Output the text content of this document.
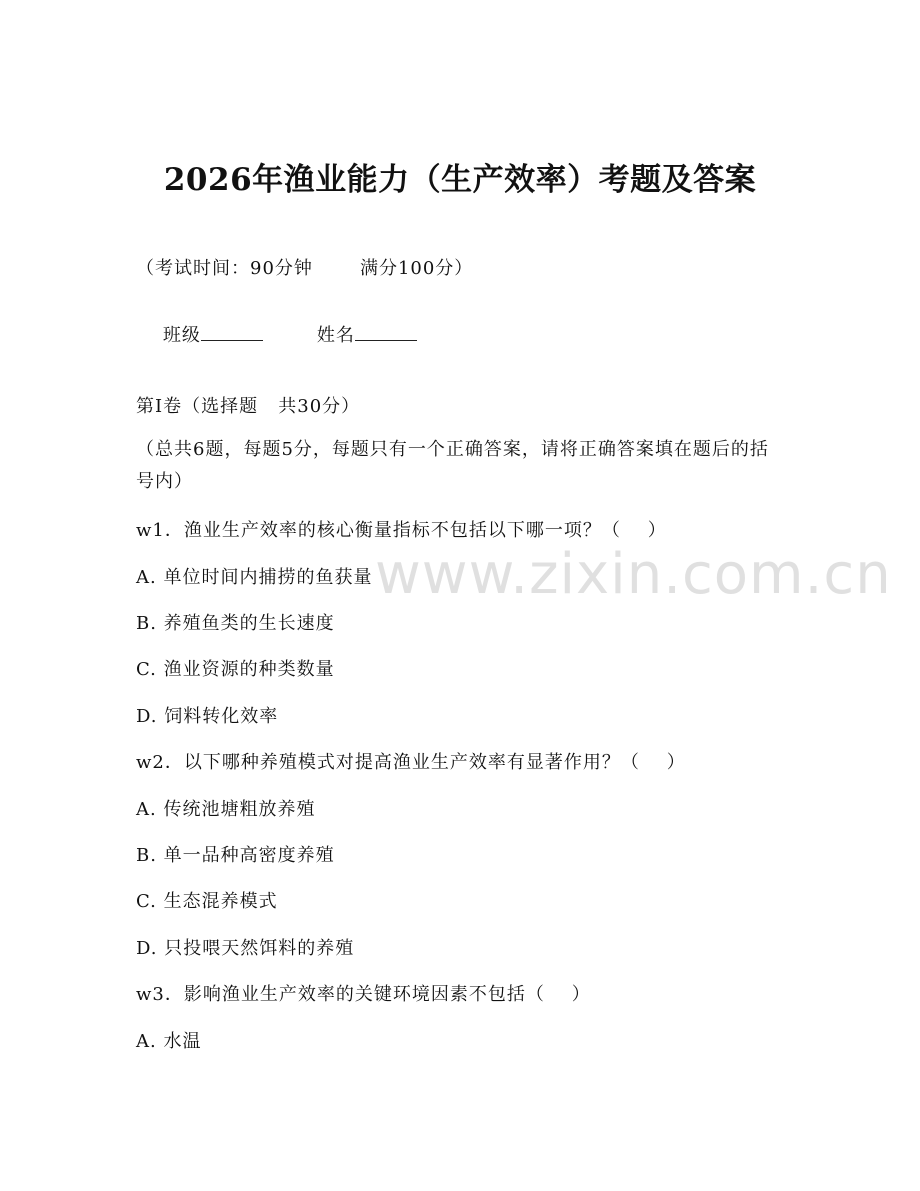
2026年渔业能力（生产效率）考题及答案
（考试时间：90分钟       满分100分）

班级	姓名

第I卷（选择题   共30分）
（总共6题，每题5分，每题只有一个正确答案，请将正确答案填在题后的括号内）
w1．渔业生产效率的核心衡量指标不包括以下哪一项？（    ）
A. 单位时间内捕捞的鱼获量
B. 养殖鱼类的生长速度
C. 渔业资源的种类数量
D. 饲料转化效率
w2．以下哪种养殖模式对提高渔业生产效率有显著作用？（    ）
A. 传统池塘粗放养殖
B. 单一品种高密度养殖
C. 生态混养模式
D. 只投喂天然饵料的养殖
w3．影响渔业生产效率的关键环境因素不包括（    ）
A. 水温
www.zixin.com.cn
